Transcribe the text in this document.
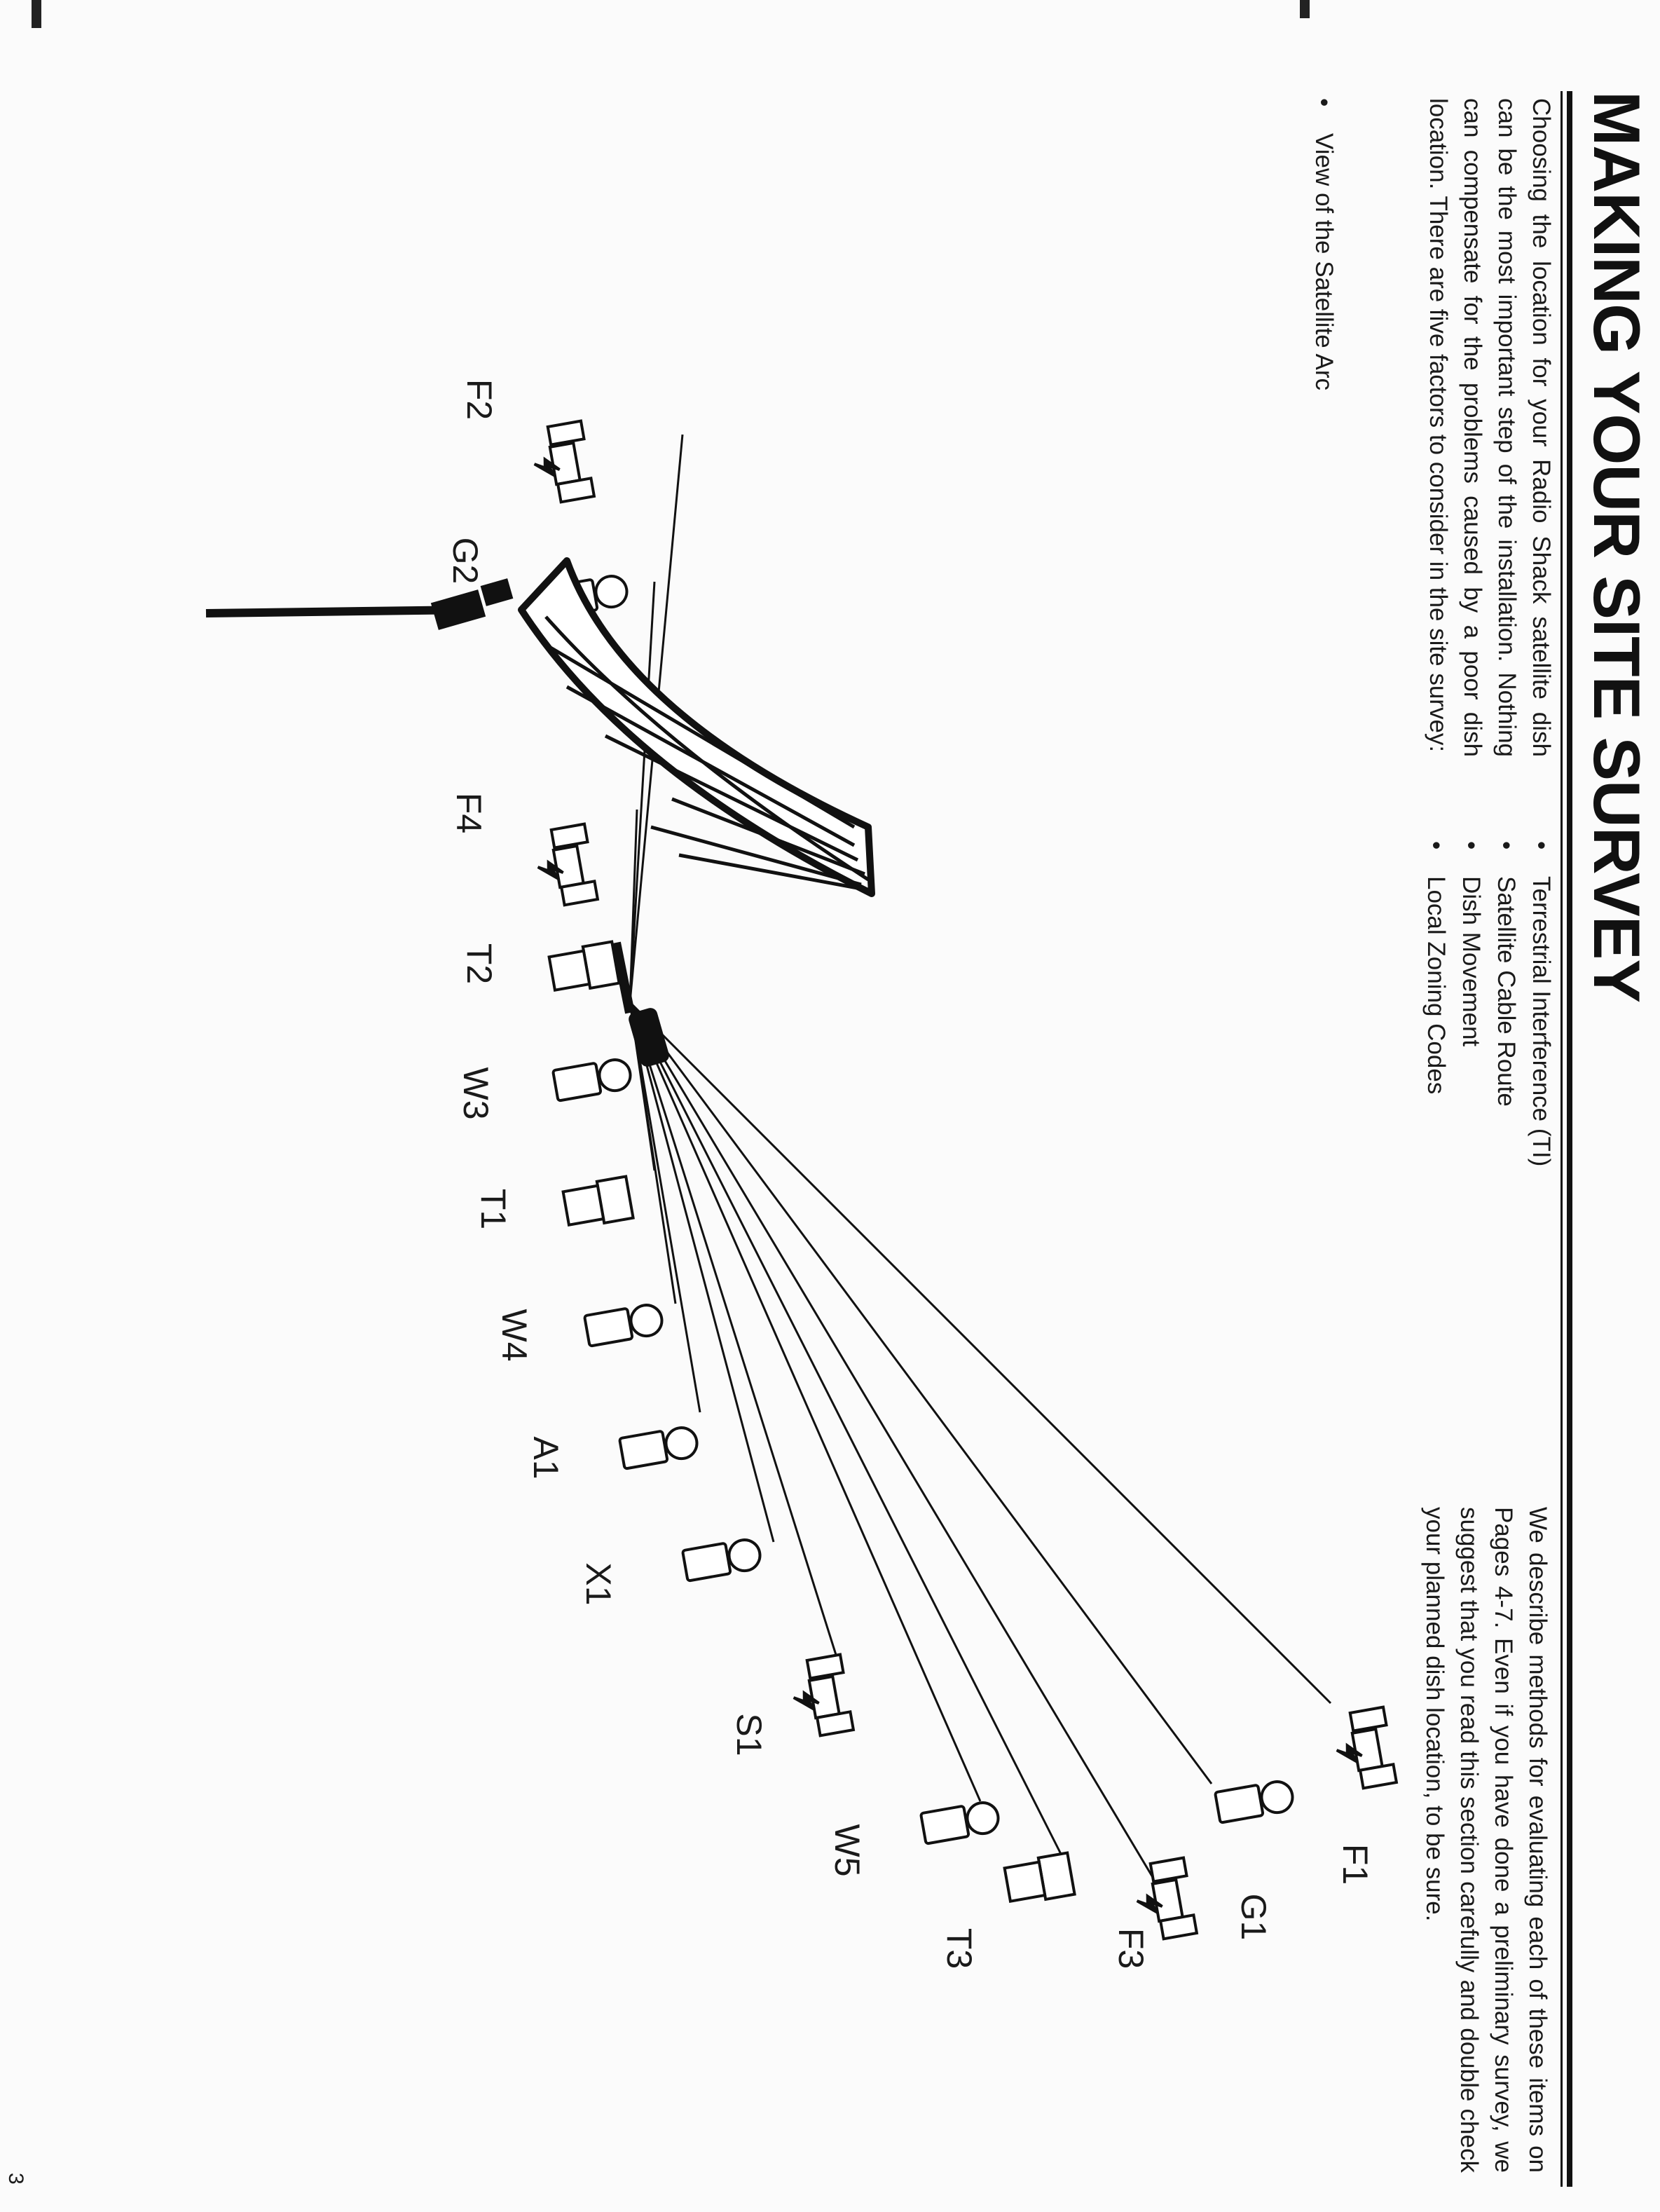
MAKING YOUR SITE SURVEY

Choosing the location for your Radio Shack satellite dish can be the most important step of the installation. Nothing can compensate for the problems caused by a poor dish location. There are five factors to consider in the site survey:

• View of the Satellite Arc
• Terrestrial Interference (TI)
• Satellite Cable Route
• Dish Movement
• Local Zoning Codes

We describe methods for evaluating each of these items on Pages 4-7. Even if you have done a preliminary survey, we suggest that you read this section carefully and double check your planned dish location, to be sure.

F2
G2
F4
T2
W3
T1
W4
A1
X1
S1
W5
T3	F3
G1
F1
3
